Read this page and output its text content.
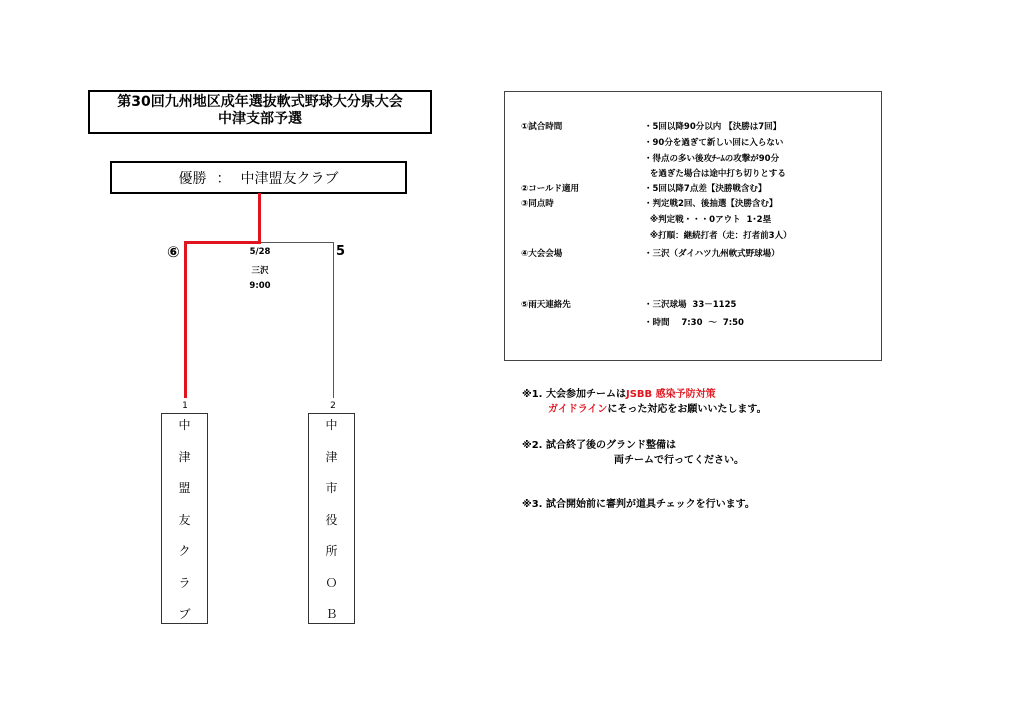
第30回九州地区成年選抜軟式野球大分県大会
中津支部予選
優勝 ： 中津盟友クラブ
⑥	5
5/28
三沢
9:00
1	2
中
津
盟
友
ク
ラ
ブ
中
津
市
役
所
Ｏ
Ｂ
①試合時間	・5回以降90分以内 【決勝は7回】
・90分を過ぎて新しい回に入らない
・得点の多い後攻ﾁｰﾑの攻撃が90分
を過ぎた場合は途中打ち切りとする
②コールド適用	・5回以降7点差【決勝戦含む】
③同点時	・判定戦2回、後抽選【決勝含む】
※判定戦・・・0アウト  1･2塁
※打順：継続打者（走：打者前3人）
④大会会場	・三沢（ダイハツ九州軟式野球場）
⑤雨天連絡先	・三沢球場  33－1125
・時間    7:30  ～  7:50
※1. 大会参加チームはJSBB 感染予防対策
ガイドラインにそった対応をお願いいたします。
※2. 試合終了後のグランド整備は
両チームで行ってください。
※3. 試合開始前に審判が道具チェックを行います。
